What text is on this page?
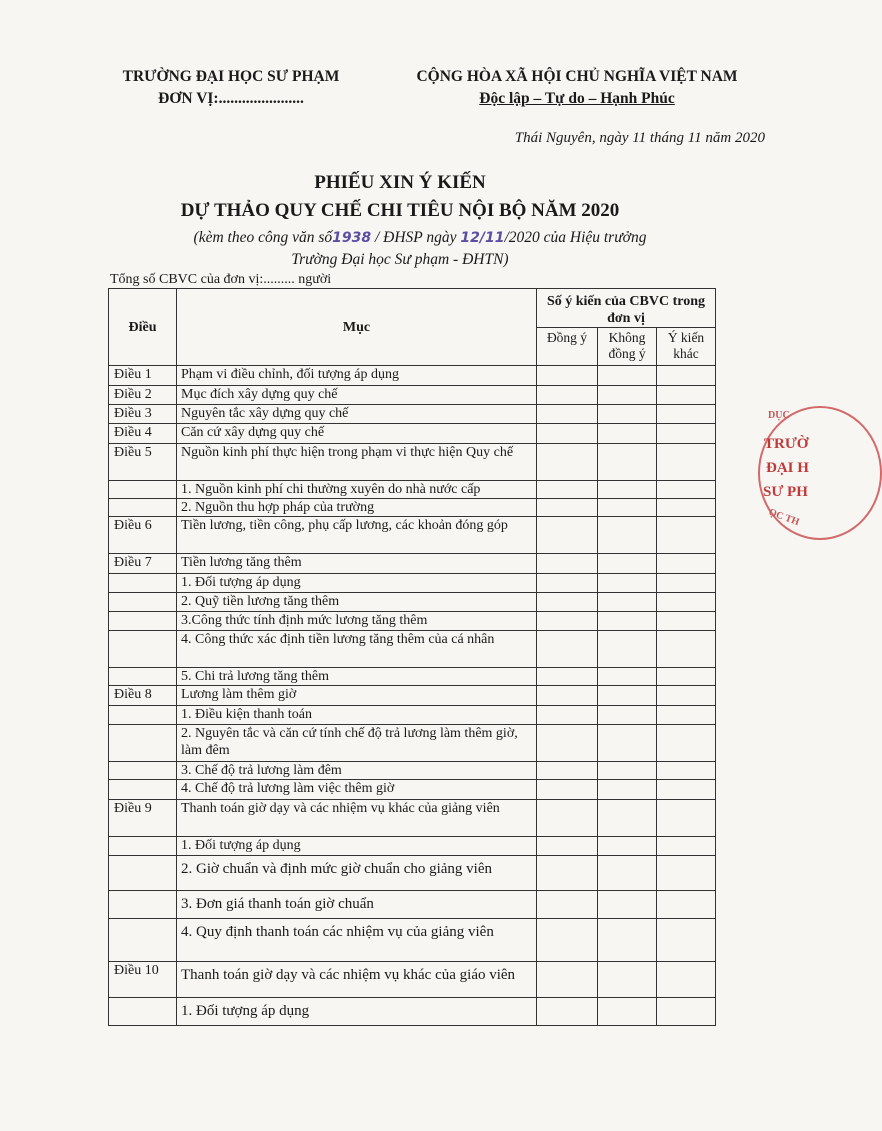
TRƯỜNG ĐẠI HỌC SƯ PHẠM
ĐƠN VỊ:......................
CỘNG HÒA XÃ HỘI CHỦ NGHĨA VIỆT NAM
Độc lập – Tự do – Hạnh Phúc
Thái Nguyên, ngày 11 tháng 11 năm 2020
PHIẾU XIN Ý KIẾN
DỰ THẢO QUY CHẾ CHI TIÊU NỘI BỘ NĂM 2020
(kèm theo công văn số1938 / ĐHSP ngày 12/11/2020 của Hiệu trưởng
Trường Đại học Sư phạm - ĐHTN)
Tổng số CBVC của đơn vị:......... người
Điều	Mục	Số ý kiến của CBVC trong đơn vị		
		Đồng ý	Không đồng ý	Ý kiến khác
Điều 1	Phạm vi điều chỉnh, đối tượng áp dụng			
Điều 2	Mục đích xây dựng quy chế			
Điều 3	Nguyên tắc xây dựng quy chế			
Điều 4	Căn cứ xây dựng quy chế			
Điều 5	Nguồn kinh phí thực hiện trong phạm vi thực hiện Quy chế			
	1. Nguồn kinh phí chi thường xuyên do nhà nước cấp			
	2. Nguồn thu hợp pháp của trường			
Điều 6	Tiền lương, tiền công, phụ cấp lương, các khoản đóng góp			
Điều 7	Tiền lương tăng thêm			
	1. Đối tượng áp dụng			
	2. Quỹ tiền lương tăng thêm			
	3.Công thức tính định mức lương tăng thêm			
	4. Công thức xác định tiền lương tăng thêm của cá nhân			
	5. Chi trả lương tăng thêm			
Điều 8	Lương làm thêm giờ			
	1. Điều kiện thanh toán			
	2. Nguyên tắc và căn cứ tính chế độ trả lương làm thêm giờ, làm đêm			
	3. Chế độ trả lương làm đêm			
	4. Chế độ trả lương làm việc thêm giờ			
Điều 9	Thanh toán giờ dạy và các nhiệm vụ khác của giảng viên			
	1. Đối tượng áp dụng			
	2. Giờ chuẩn và định mức giờ chuẩn cho giảng viên			
	3. Đơn giá thanh toán giờ chuẩn			
	4. Quy định thanh toán các nhiệm vụ của giảng viên			
Điều 10	Thanh toán giờ dạy và các nhiệm vụ khác của giáo viên			
	1. Đối tượng áp dụng			
DỤC
TRƯỜ
ĐẠI H
SƯ PH
ỌC TH
